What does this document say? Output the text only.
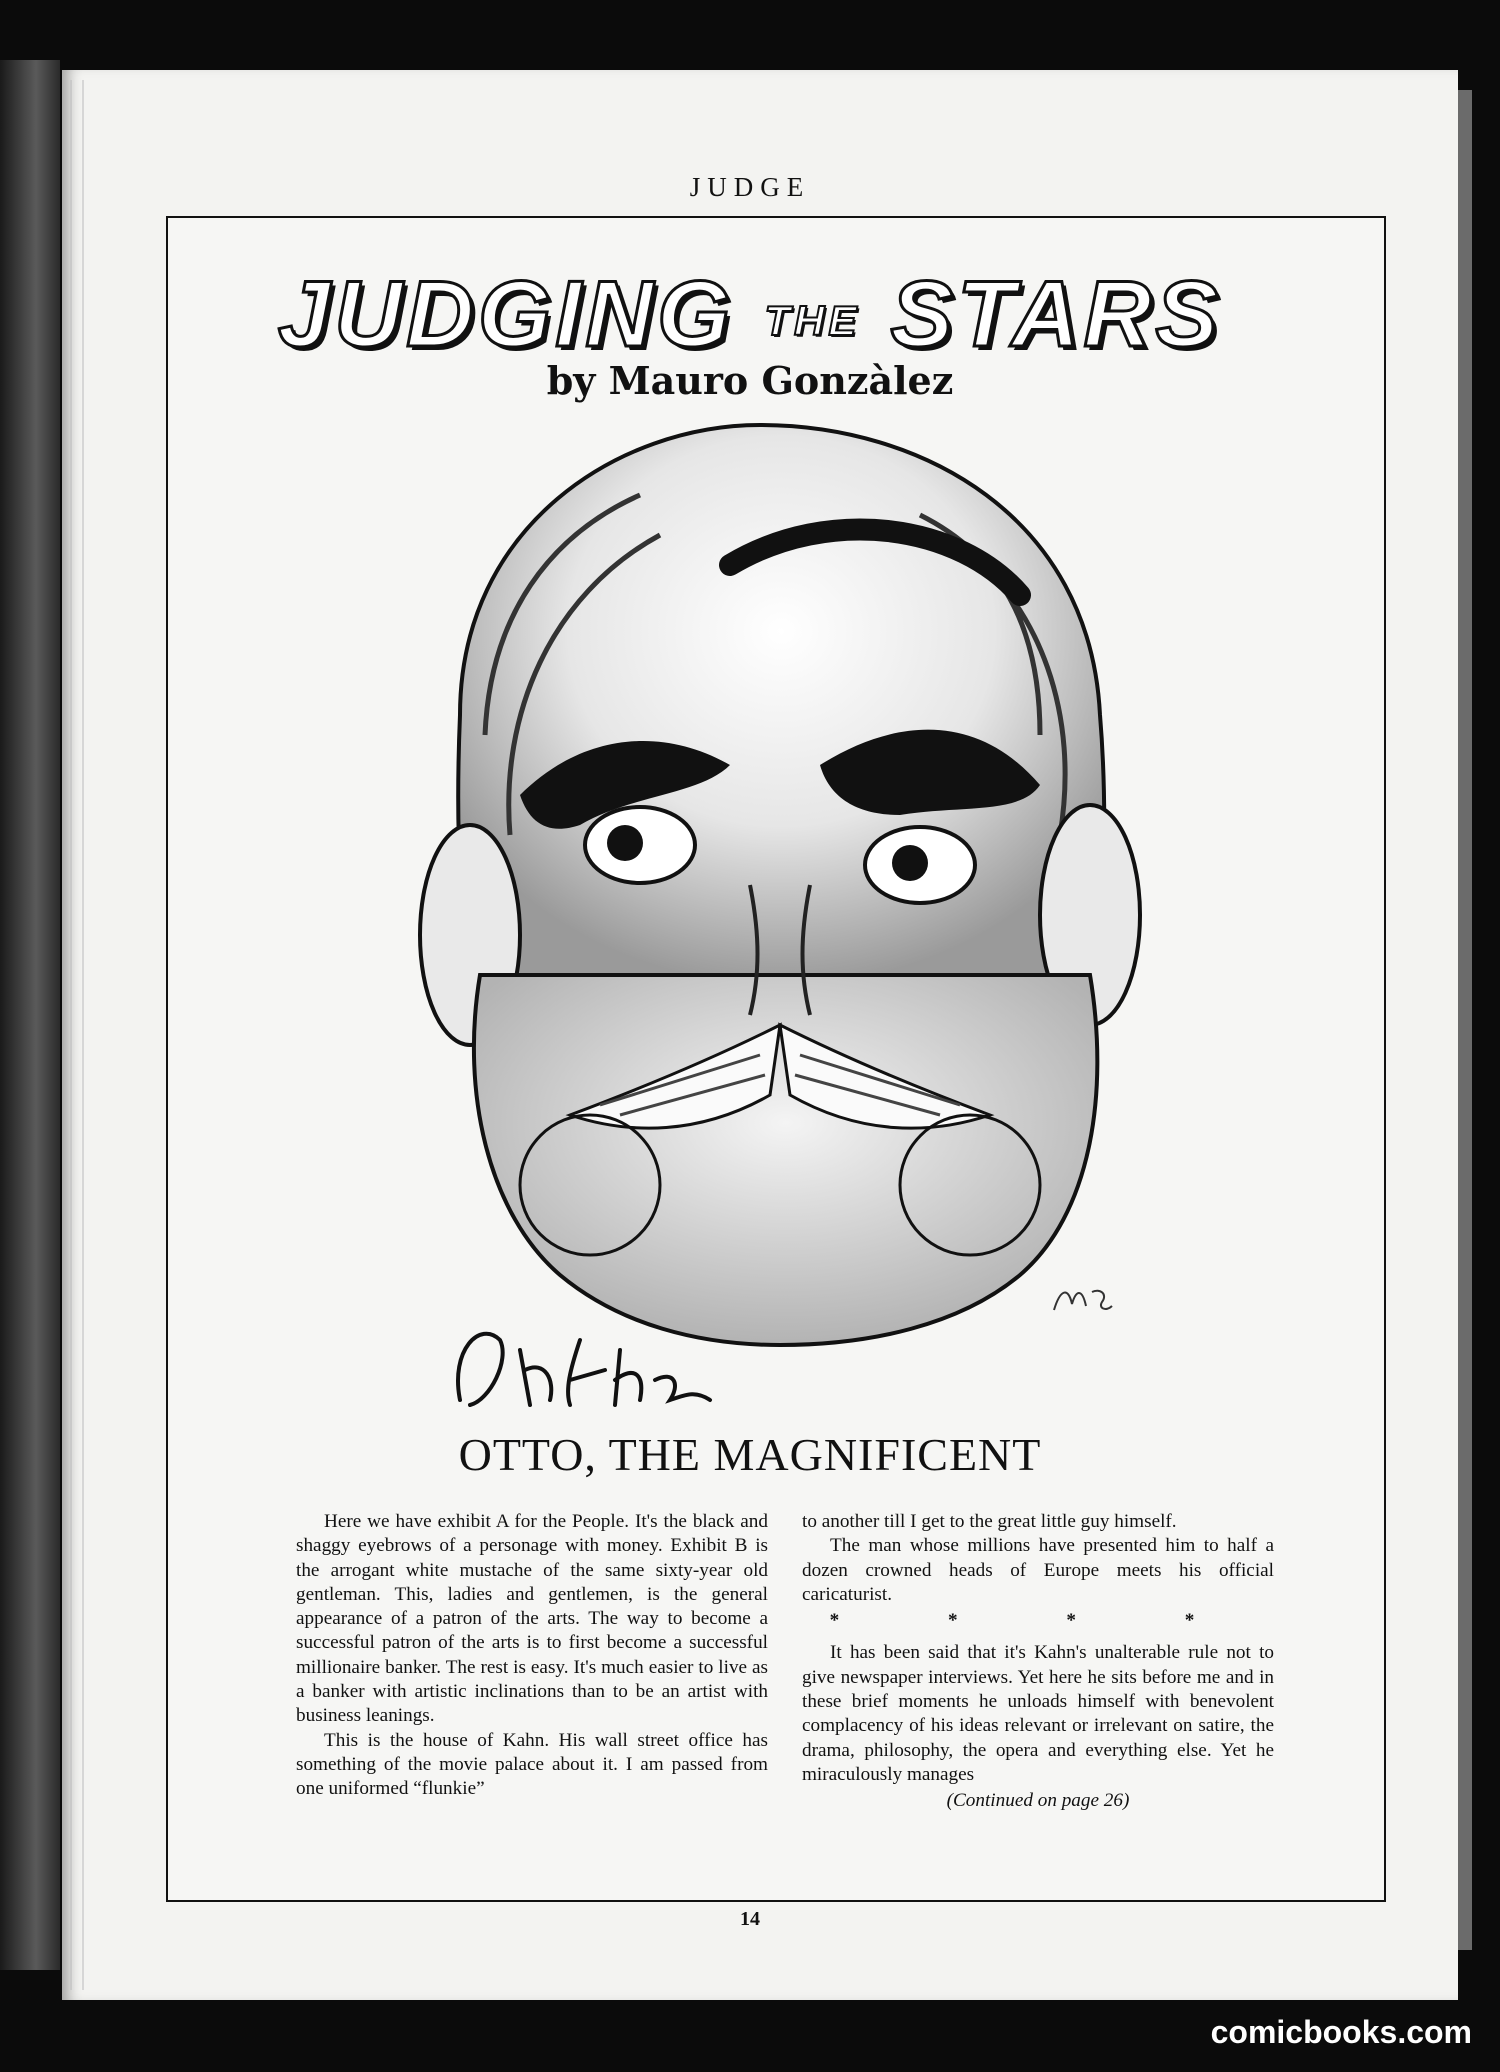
JUDGE
JUDGING THE STARS
by Mauro Gonzàlez
OTTO, THE MAGNIFICENT

Here we have exhibit A for the People. It's the black and shaggy eyebrows of a personage with money. Exhibit B is the arrogant white mustache of the same sixty-year old gentleman. This, ladies and gentlemen, is the general appearance of a patron of the arts. The way to become a successful patron of the arts is to first become a successful millionaire banker. The rest is easy. It's much easier to live as a banker with artistic inclinations than to be an artist with business leanings.

This is the house of Kahn. His wall street office has something of the movie palace about it. I am passed from one uniformed “flunkie”

to another till I get to the great little guy himself.

The man whose millions have presented him to half a dozen crowned heads of Europe meets his official caricaturist.

* * * *

It has been said that it's Kahn's unalterable rule not to give newspaper interviews. Yet here he sits before me and in these brief moments he unloads himself with benevolent complacency of his ideas relevant or irrelevant on satire, the drama, philosophy, the opera and everything else. Yet he miraculously manages

(Continued on page 26)
14
comicbooks.com
